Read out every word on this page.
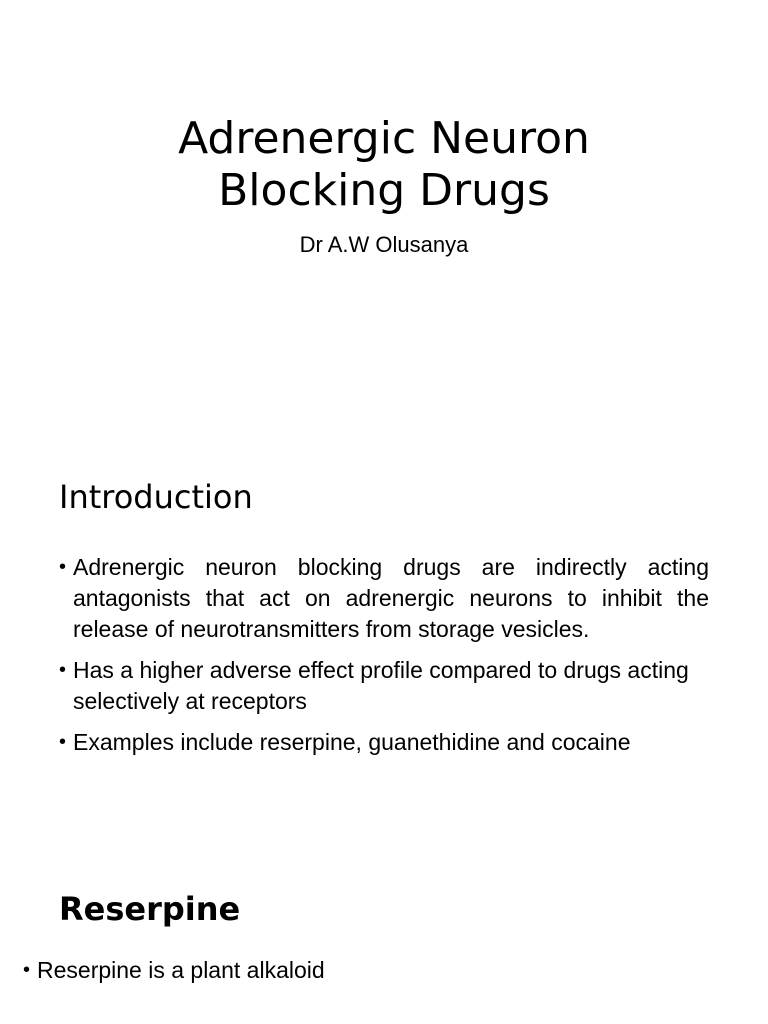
Adrenergic Neuron
Blocking Drugs
Dr A.W Olusanya
Introduction
• Adrenergic neuron blocking drugs are indirectly acting antagonists that act on adrenergic neurons to inhibit the release of neurotransmitters from storage vesicles.
• Has a higher adverse effect profile compared to drugs acting selectively at receptors
• Examples include reserpine, guanethidine and cocaine
Reserpine
• Reserpine is a plant alkaloid
